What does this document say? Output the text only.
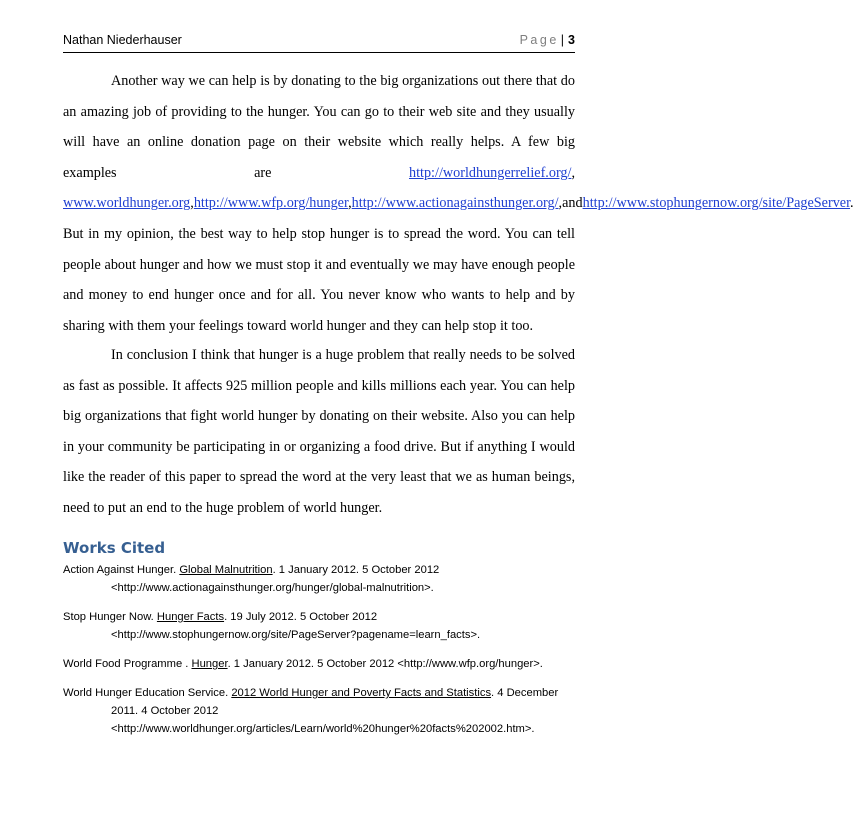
Nathan Niederhauser	Page | 3

Another way we can help is by donating to the big organizations out there that do an amazing job of providing to the hunger. You can go to their web site and they usually will have an online donation page on their website which really helps. A few big examples are http://worldhungerrelief.org/, www.worldhunger.org,http://www.wfp.org/hunger,http://www.actionagainsthunger.org/,andhttp://www.stophungernow.org/site/PageServer. But in my opinion, the best way to help stop hunger is to spread the word. You can tell people about hunger and how we must stop it and eventually we may have enough people and money to end hunger once and for all. You never know who wants to help and by sharing with them your feelings toward world hunger and they can help stop it too.

In conclusion I think that hunger is a huge problem that really needs to be solved as fast as possible. It affects 925 million people and kills millions each year. You can help big organizations that fight world hunger by donating on their website. Also you can help in your community be participating in or organizing a food drive. But if anything I would like the reader of this paper to spread the word at the very least that we as human beings, need to put an end to the huge problem of world hunger.

Works Cited

Action Against Hunger. Global Malnutrition. 1 January 2012. 5 October 2012 <http://www.actionagainsthunger.org/hunger/global-malnutrition>.

Stop Hunger Now. Hunger Facts. 19 July 2012. 5 October 2012 <http://www.stophungernow.org/site/PageServer?pagename=learn_facts>.

World Food Programme . Hunger. 1 January 2012. 5 October 2012 <http://www.wfp.org/hunger>.

World Hunger Education Service. 2012 World Hunger and Poverty Facts and Statistics. 4 December 2011. 4 October 2012 <http://www.worldhunger.org/articles/Learn/world%20hunger%20facts%202002.htm>.
